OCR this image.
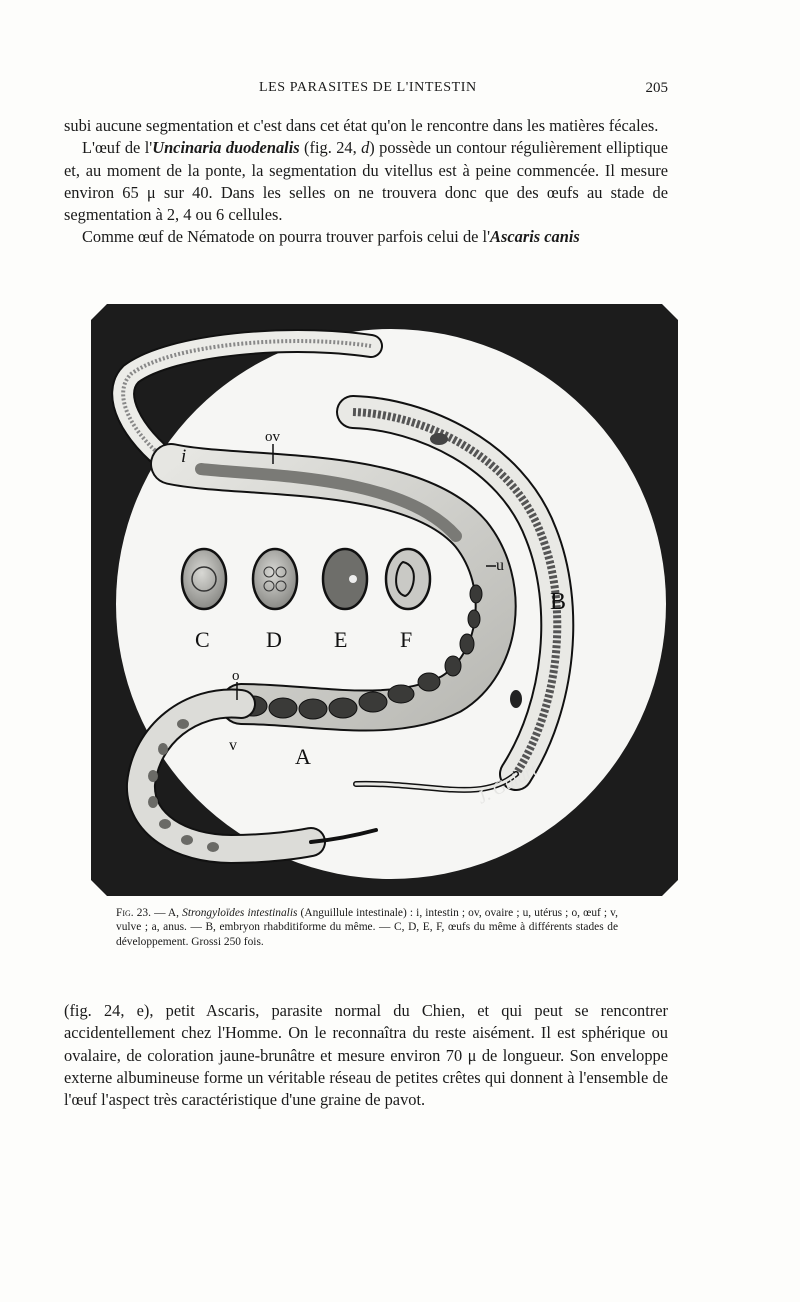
LES PARASITES DE L'INTESTIN	205

subi aucune segmentation et c'est dans cet état qu'on le rencontre dans les matières fécales.

L'œuf de l'Uncinaria duodenalis (fig. 24, d) possède un contour régulièrement elliptique et, au moment de la ponte, la segmentation du vitellus est à peine commencée. Il mesure environ 65 μ sur 40. Dans les selles on ne trouvera donc que des œufs au stade de segmentation à 2, 4 ou 6 cellules.

Comme œuf de Nématode on pourra trouver parfois celui de l'Ascaris canis

i
ov
u
o
v	A
B
C	D E F
J. Guiart

Fig. 23. — A, Strongyloïdes intestinalis (Anguillule intestinale) : i, intestin ; ov, ovaire ; u, utérus ; o, œuf ; v, vulve ; a, anus. — B, embryon rhabditiforme du même. — C, D, E, F, œufs du même à différents stades de développement. Grossi 250 fois.

(fig. 24, e), petit Ascaris, parasite normal du Chien, et qui peut se rencontrer accidentellement chez l'Homme. On le reconnaîtra du reste aisément. Il est sphérique ou ovalaire, de coloration jaune-brunâtre et mesure environ 70 μ de longueur. Son enveloppe externe albumineuse forme un véritable réseau de petites crêtes qui donnent à l'ensemble de l'œuf l'aspect très caractéristique d'une graine de pavot.
